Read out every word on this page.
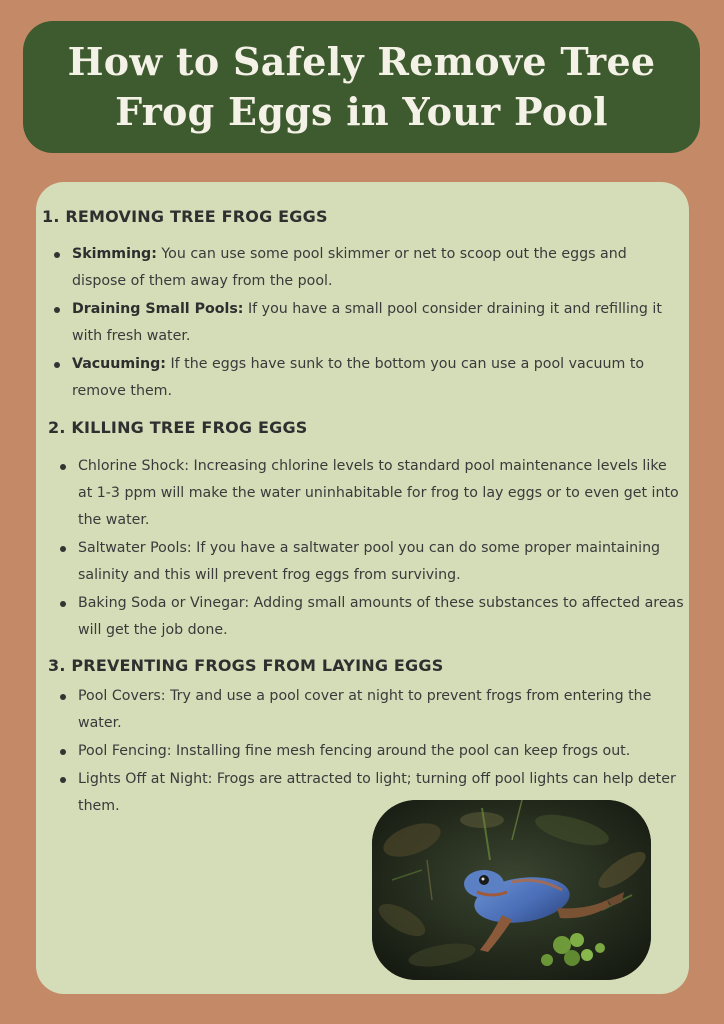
How to Safely Remove Tree
Frog Eggs in Your Pool
1. REMOVING TREE FROG EGGS
Skimming: You can use some pool skimmer or net to scoop out the eggs and dispose of them away from the pool.
Draining Small Pools: If you have a small pool consider draining it and refilling it with fresh water.
Vacuuming: If the eggs have sunk to the bottom you can use a pool vacuum to remove them.
2. KILLING TREE FROG EGGS
Chlorine Shock: Increasing chlorine levels to standard pool maintenance levels like at 1-3 ppm will make the water uninhabitable for frog to lay eggs or to even get into the water.
Saltwater Pools: If you have a saltwater pool you can do some proper maintaining salinity and this will prevent frog eggs from surviving.
Baking Soda or Vinegar: Adding small amounts of these substances to affected areas will get the job done.
3. PREVENTING FROGS FROM LAYING EGGS
Pool Covers: Try and use a pool cover at night to prevent frogs from entering the water.
Pool Fencing: Installing fine mesh fencing around the pool can keep frogs out.
Lights Off at Night: Frogs are attracted to light; turning off pool lights can help deter them.
